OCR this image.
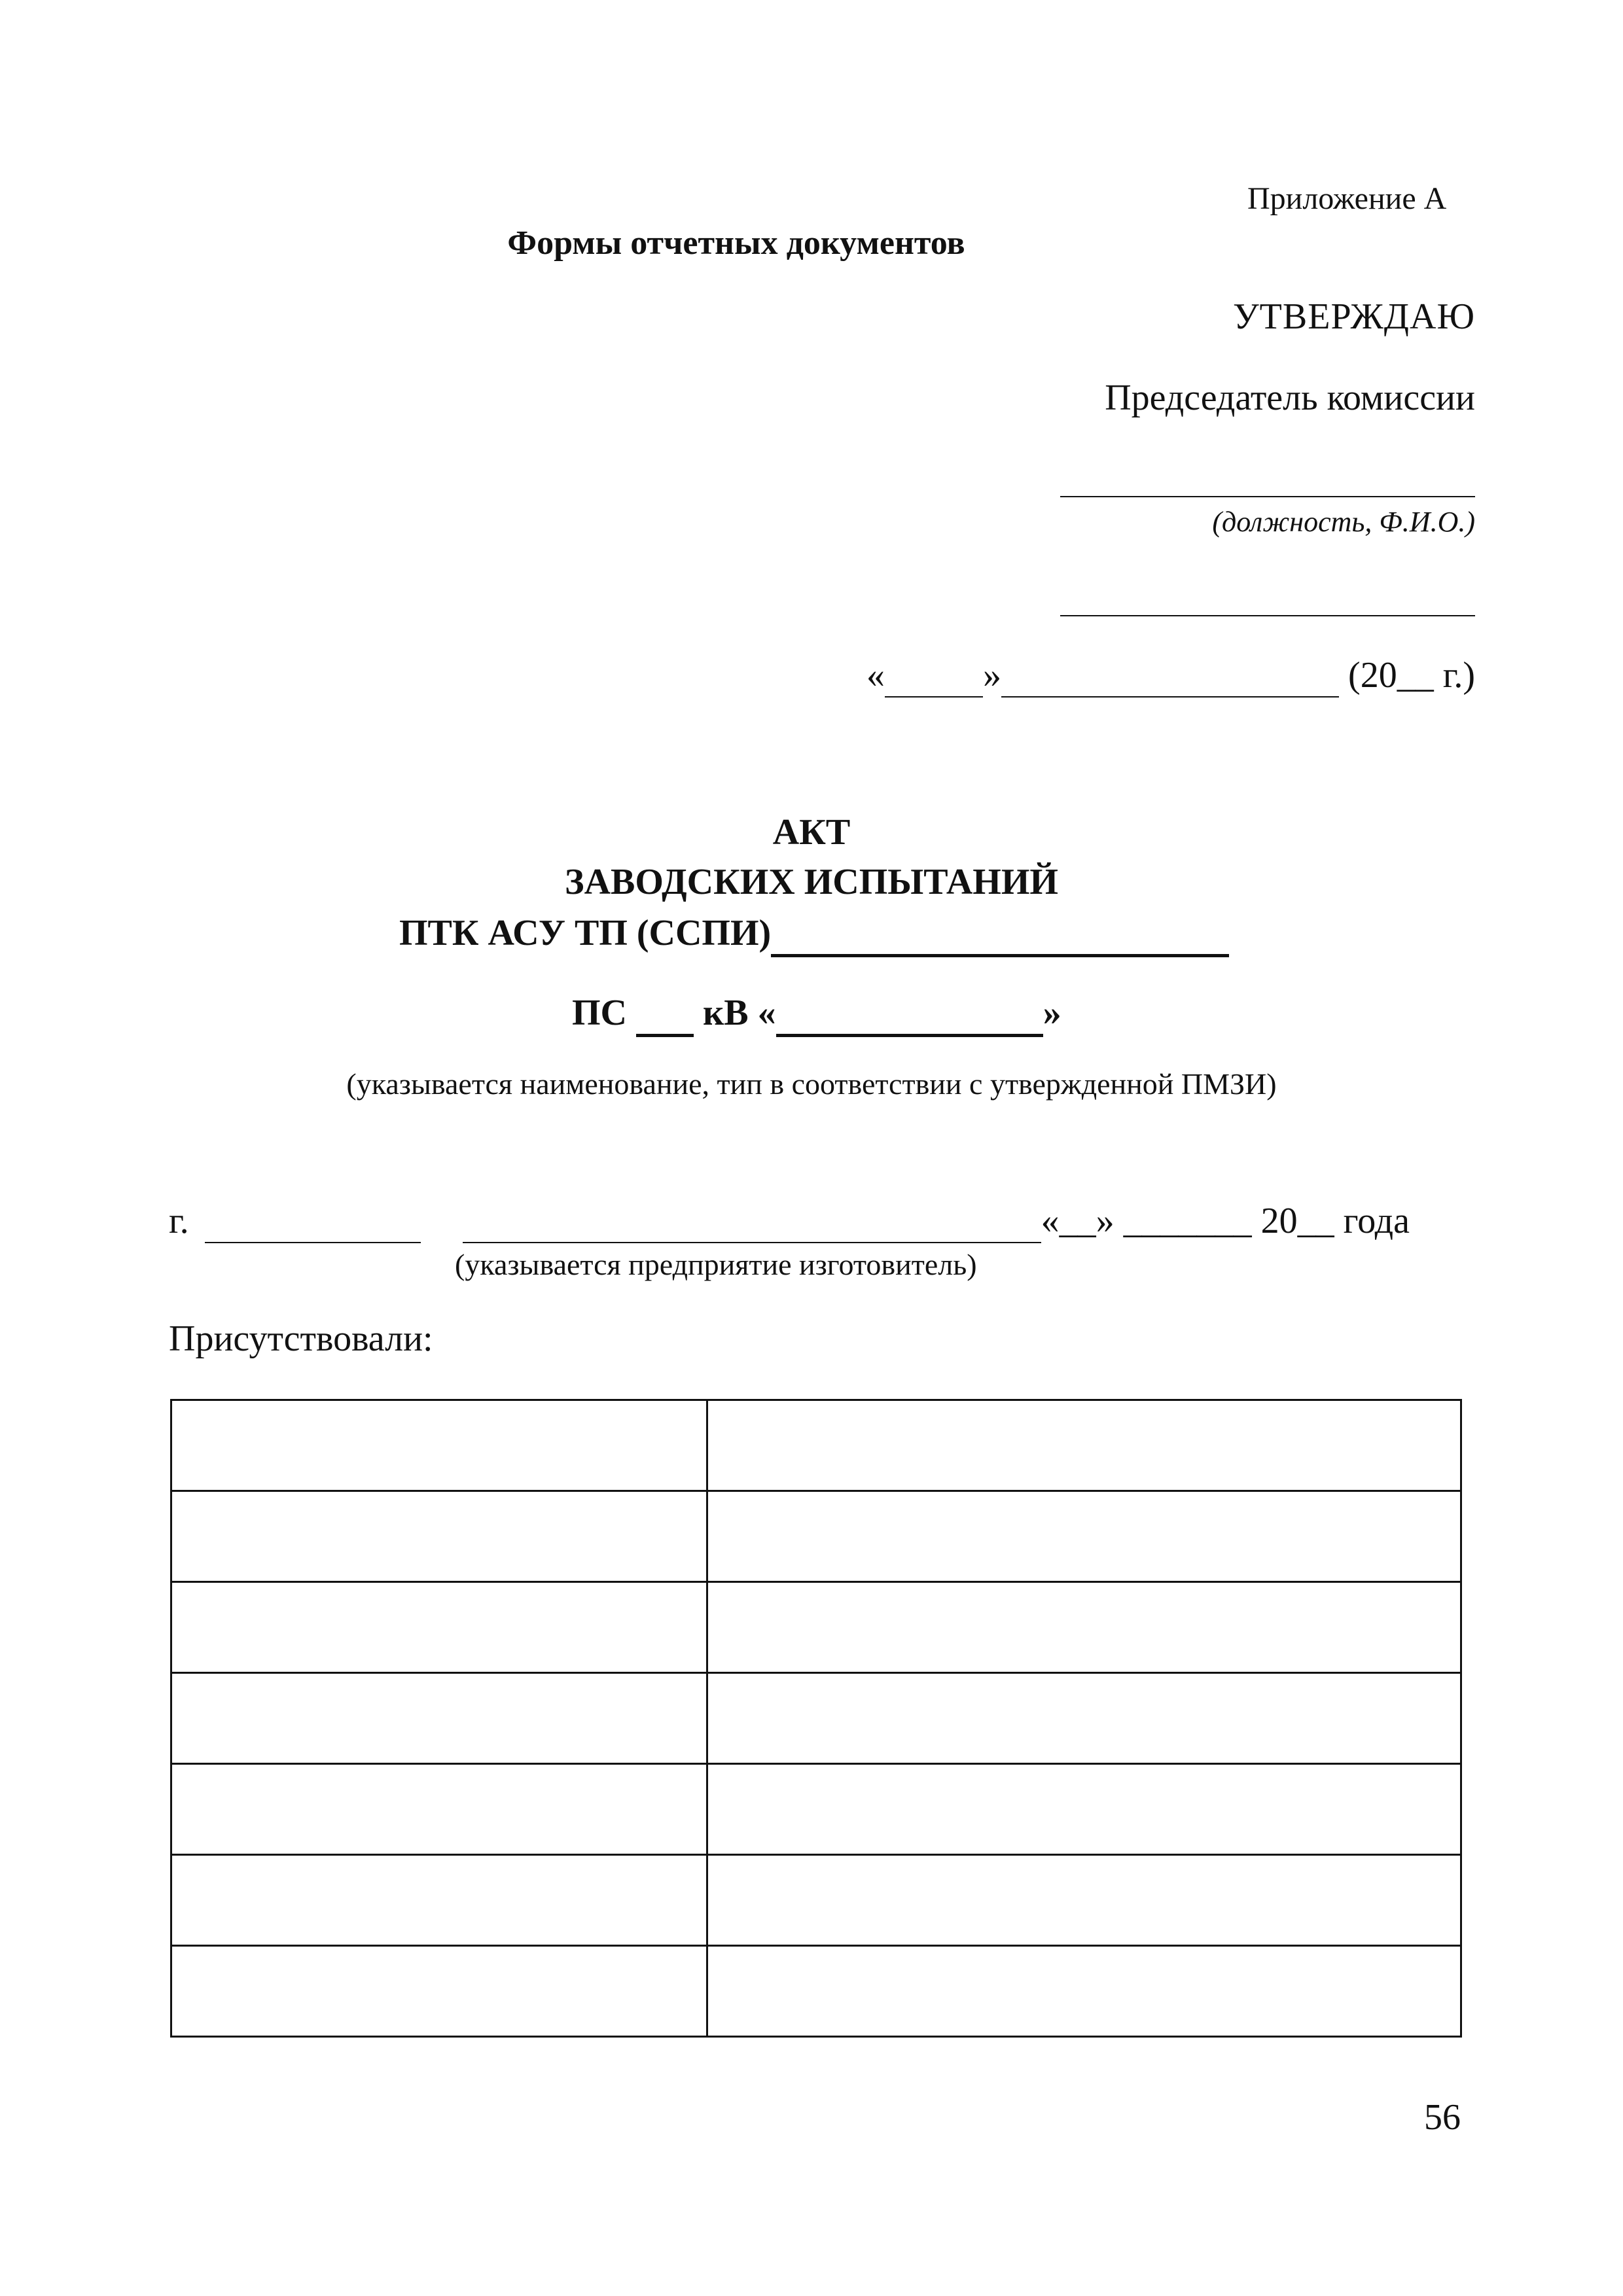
Приложение А
Формы отчетных документов
УТВЕРЖДАЮ
Председатель комиссии
(должность, Ф.И.О.)
«	»	(20__ г.)
АКТ
ЗАВОДСКИХ ИСПЫТАНИЙ
ПТК АСУ ТП (ССПИ)
ПС кВ «	»
(указывается наименование, тип в соответствии с утвержденной ПМЗИ)
г.	«__» _______ 20__ года
(указывается предприятие изготовитель)
Присутствовали:

56
